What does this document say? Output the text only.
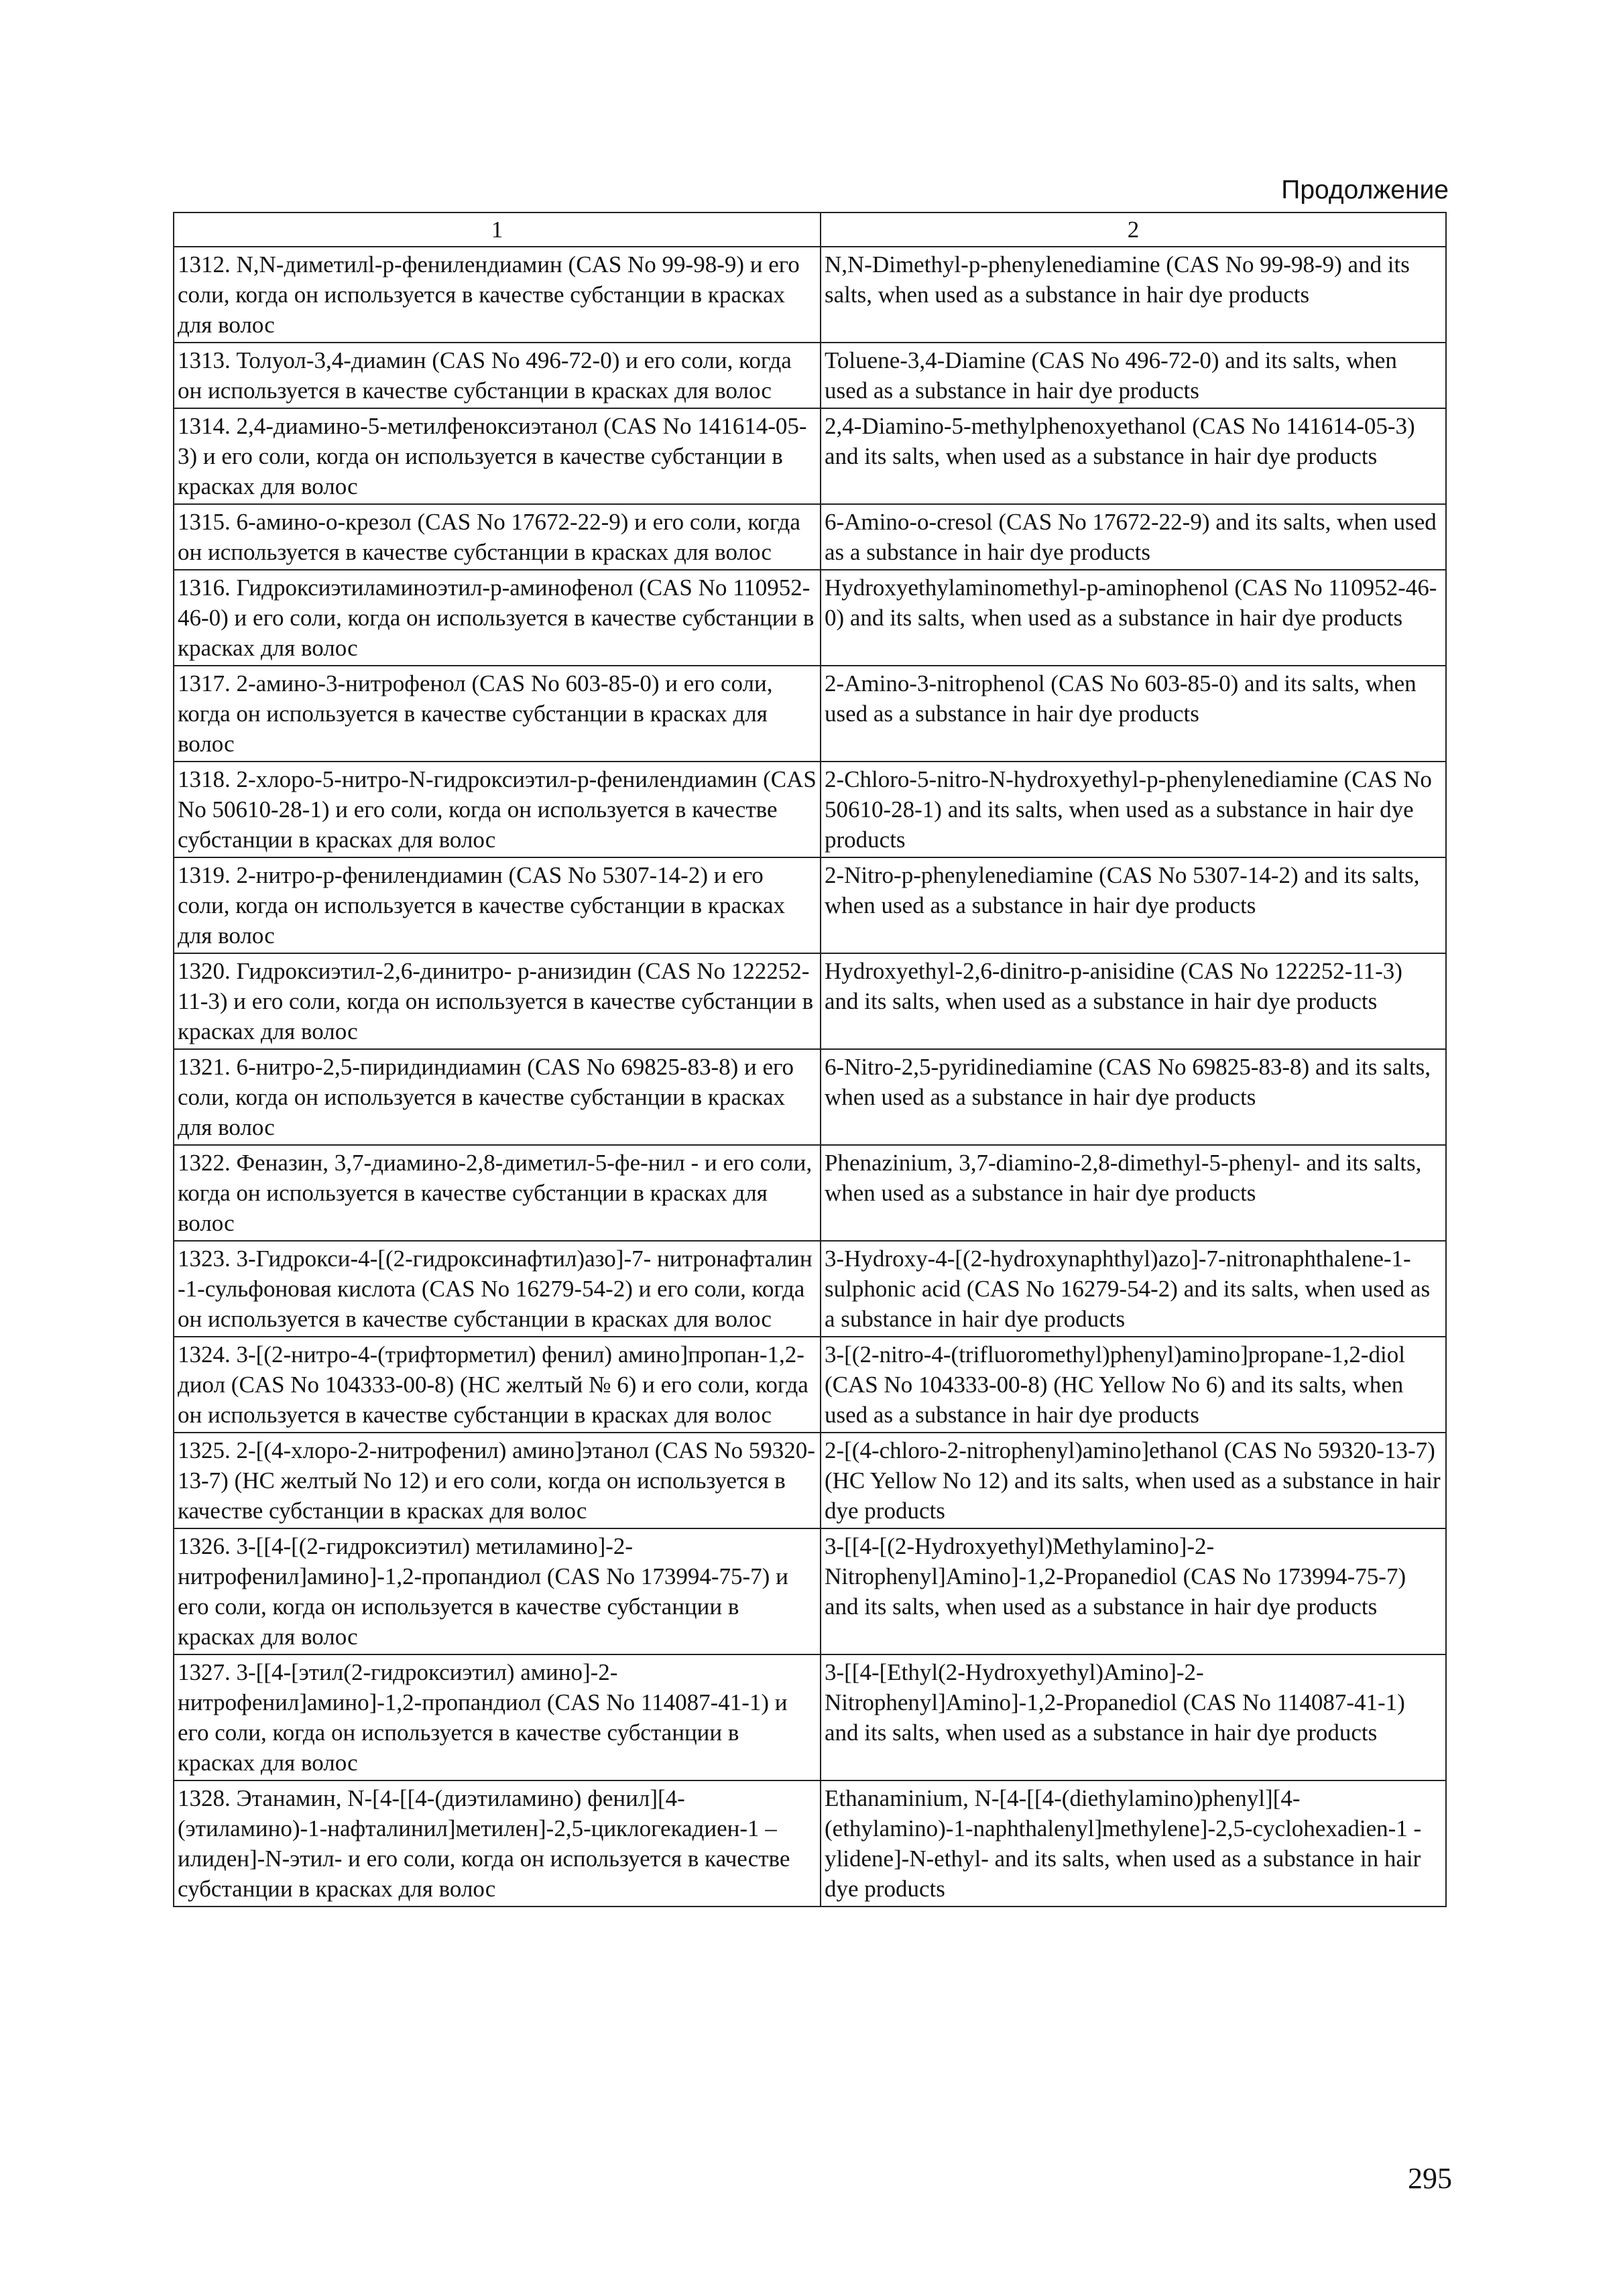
Продолжение
1	2
1312. N,N-диметилl-р-фенилендиамин (CAS No 99-98-9) и его соли, когда он используется в качестве субстанции в красках для волос	N,N-Dimethyl-p-phenylenediamine (CAS No 99-98-9) and its salts, when used as a substance in hair dye products
1313. Толуол-3,4-диамин (CAS No 496-72-0) и его соли, когда он используется в качестве субстанции в красках для волос	Toluene-3,4-Diamine (CAS No 496-72-0) and its salts, when used as a substance in hair dye products
1314. 2,4-диамино-5-метилфеноксиэтанол (CAS No 141614-05-3) и его соли, когда он используется в качестве субстанции в красках для волос	2,4-Diamino-5-methylphenoxyethanol (CAS No 141614-05-3) and its salts, when used as a substance in hair dye products
1315. 6-амино-о-крезол (CAS No 17672-22-9) и его соли, когда он используется в качестве субстанции в красках для волос	6-Amino-o-cresol (CAS No 17672-22-9) and its salts, when used as a substance in hair dye products
1316. Гидроксиэтиламиноэтил-р-аминофенол (CAS No 110952-46-0) и его соли, когда он используется в качестве субстанции в красках для волос	Hydroxyethylaminomethyl-p-aminophenol (CAS No 110952-46-0) and its salts, when used as a substance in hair dye products
1317. 2-амино-3-нитрофенол (CAS No 603-85-0) и его соли, когда он используется в качестве субстанции в красках для волос	2-Amino-3-nitrophenol (CAS No 603-85-0) and its salts, when used as a substance in hair dye products
1318. 2-хлоро-5-нитро-N-гидроксиэтил-р-фенилендиамин (CAS No 50610-28-1) и его соли, когда он используется в качестве субстанции в красках для волос	2-Chloro-5-nitro-N-hydroxyethyl-p-phenylenediamine (CAS No 50610-28-1) and its salts, when used as a substance in hair dye products
1319. 2-нитро-р-фенилендиамин (CAS No 5307-14-2) и его соли, когда он используется в качестве субстанции в красках для волос	2-Nitro-p-phenylenediamine (CAS No 5307-14-2) and its salts, when used as a substance in hair dye products
1320. Гидроксиэтил-2,6-динитро- р-анизидин (CAS No 122252-11-3) и его соли, когда он используется в качестве субстанции в красках для волос	Hydroxyethyl-2,6-dinitro-p-anisidine (CAS No 122252-11-3) and its salts, when used as a substance in hair dye products
1321. 6-нитро-2,5-пиридиндиамин (CAS No 69825-83-8) и его соли, когда он используется в качестве субстанции в красках для волос	6-Nitro-2,5-pyridinediamine (CAS No 69825-83-8) and its salts, when used as a substance in hair dye products
1322. Феназин, 3,7-диамино-2,8-диметил-5-фе-нил - и его соли, когда он используется в качестве субстанции в красках для волос	Phenazinium, 3,7-diamino-2,8-dimethyl-5-phenyl- and its salts, when used as a substance in hair dye products
1323. 3-Гидрокси-4-[(2-гидроксинафтил)азо]-7- нитронафталин -1-сульфоновая кислота (CAS No 16279-54-2) и его соли, когда он используется в качестве субстанции в красках для волос	3-Hydroxy-4-[(2-hydroxynaphthyl)azo]-7-nitronaphthalene-1-sulphonic acid (CAS No 16279-54-2) and its salts, when used as a substance in hair dye products
1324. 3-[(2-нитро-4-(трифторметил) фенил) амино]пропан-1,2-диол (CAS No 104333-00-8) (НС желтый № 6) и его соли, когда он используется в качестве субстанции в красках для волос	3-[(2-nitro-4-(trifluoromethyl)phenyl)amino]propane-1,2-diol (CAS No 104333-00-8) (HC Yellow No 6) and its salts, when used as a substance in hair dye products
1325. 2-[(4-хлоро-2-нитрофенил) амино]этанол (CAS No 59320-13-7) (НС желтый No 12) и его соли, когда он используется в качестве субстанции в красках для волос	2-[(4-chloro-2-nitrophenyl)amino]ethanol (CAS No 59320-13-7) (HC Yellow No 12) and its salts, when used as a substance in hair dye products
1326. 3-[[4-[(2-гидроксиэтил) метиламино]-2-нитрофенил]амино]-1,2-пропандиол (CAS No 173994-75-7) и его соли, когда он используется в качестве субстанции в красках для волос	3-[[4-[(2-Hydroxyethyl)Methylamino]-2-Nitrophenyl]Amino]-1,2-Propanediol (CAS No 173994-75-7) and its salts, when used as a substance in hair dye products
1327. 3-[[4-[этил(2-гидроксиэтил) амино]-2-нитрофенил]амино]-1,2-пропандиол (CAS No 114087-41-1) и его соли, когда он используется в качестве субстанции в красках для волос	3-[[4-[Ethyl(2-Hydroxyethyl)Amino]-2-Nitrophenyl]Amino]-1,2-Propanediol (CAS No 114087-41-1) and its salts, when used as a substance in hair dye products
1328. Этанамин, N-[4-[[4-(диэтиламино) фенил][4-(этиламино)-1-нафталинил]метилен]-2,5-циклогекадиен-1 –илиден]-N-этил- и его соли, когда он используется в качестве субстанции в красках для волос	Ethanaminium, N-[4-[[4-(diethylamino)phenyl][4-(ethylamino)-1-naphthalenyl]methylene]-2,5-cyclohexadien-1 -ylidene]-N-ethyl- and its salts, when used as a substance in hair dye products
295
